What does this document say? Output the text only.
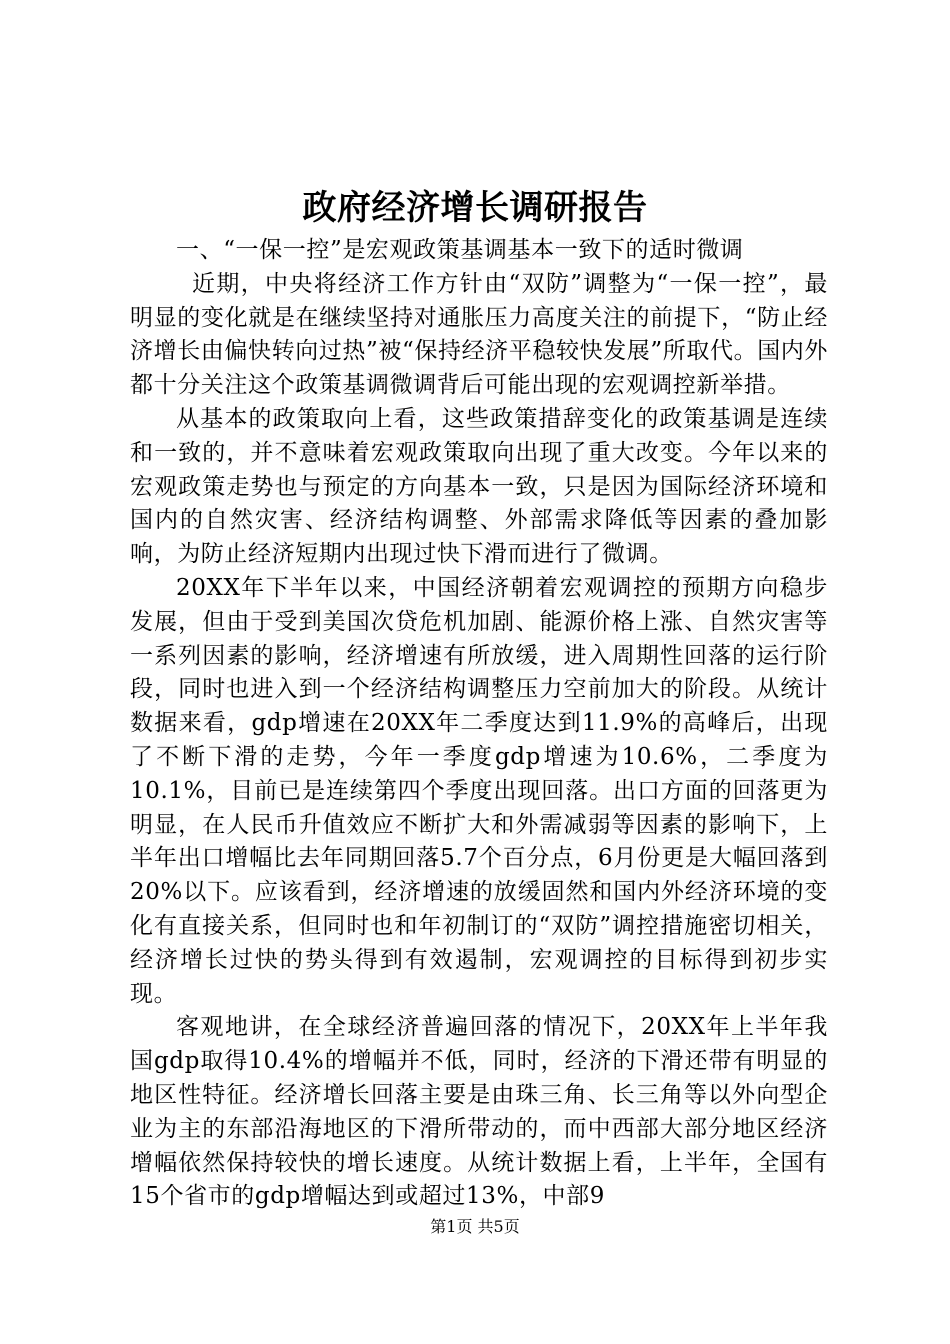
政府经济增长调研报告

一、“一保一控”是宏观政策基调基本一致下的适时微调

近期，中央将经济工作方针由“双防”调整为“一保一控”，最明显的变化就是在继续坚持对通胀压力高度关注的前提下，“防止经济增长由偏快转向过热”被“保持经济平稳较快发展”所取代。国内外都十分关注这个政策基调微调背后可能出现的宏观调控新举措。

从基本的政策取向上看，这些政策措辞变化的政策基调是连续和一致的，并不意味着宏观政策取向出现了重大改变。今年以来的宏观政策走势也与预定的方向基本一致，只是因为国际经济环境和国内的自然灾害、经济结构调整、外部需求降低等因素的叠加影响，为防止经济短期内出现过快下滑而进行了微调。

20XX年下半年以来，中国经济朝着宏观调控的预期方向稳步发展，但由于受到美国次贷危机加剧、能源价格上涨、自然灾害等一系列因素的影响，经济增速有所放缓，进入周期性回落的运行阶段，同时也进入到一个经济结构调整压力空前加大的阶段。从统计数据来看，gdp增速在20XX年二季度达到11.9%的高峰后，出现了不断下滑的走势，今年一季度gdp增速为10.6%，二季度为10.1%，目前已是连续第四个季度出现回落。出口方面的回落更为明显，在人民币升值效应不断扩大和外需减弱等因素的影响下，上半年出口增幅比去年同期回落5.7个百分点，6月份更是大幅回落到20%以下。应该看到，经济增速的放缓固然和国内外经济环境的变化有直接关系，但同时也和年初制订的“双防”调控措施密切相关，经济增长过快的势头得到有效遏制，宏观调控的目标得到初步实现。

客观地讲，在全球经济普遍回落的情况下，20XX年上半年我国gdp取得10.4%的增幅并不低，同时，经济的下滑还带有明显的地区性特征。经济增长回落主要是由珠三角、长三角等以外向型企业为主的东部沿海地区的下滑所带动的，而中西部大部分地区经济增幅依然保持较快的增长速度。从统计数据上看，上半年，全国有15个省市的gdp增幅达到或超过13%，中部9

第1页 共5页
